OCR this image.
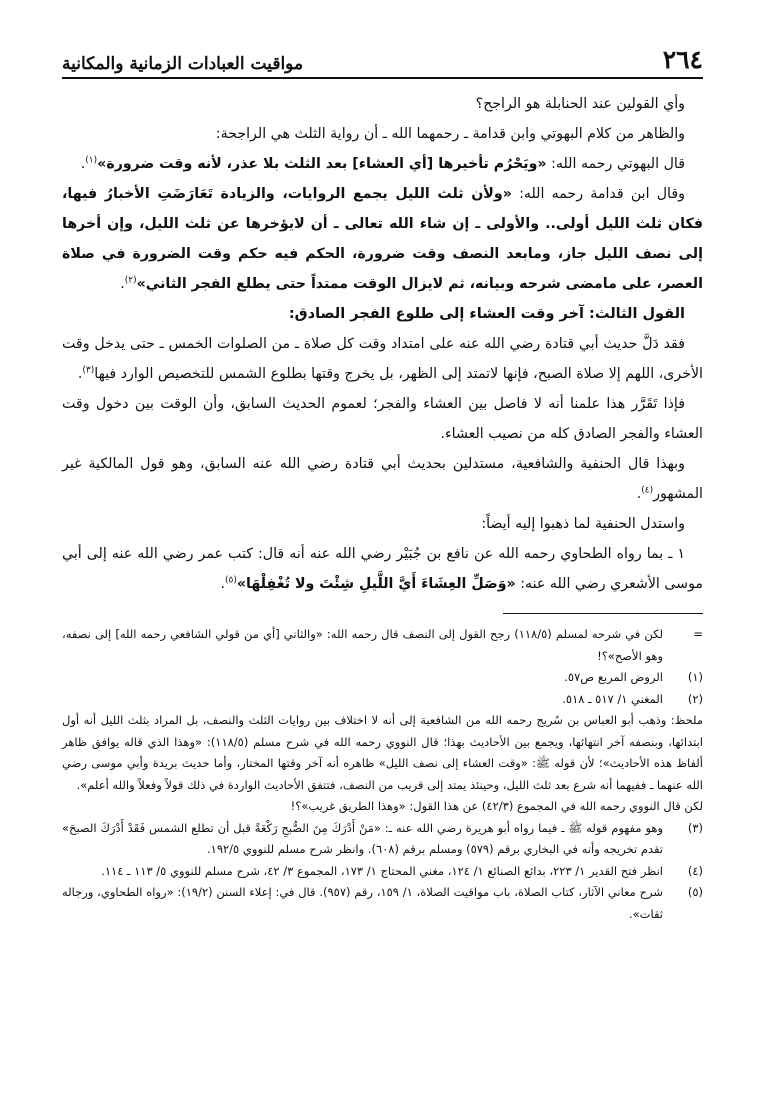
٢٦٤
مواقيت العبادات الزمانية والمكانية

وأي القولين عند الحنابلة هو الراجح؟

والظاهر من كلام البهوتي وابن قدامة ـ رحمهما الله ـ أن رواية الثلث هي الراجحة:

قال البهوتي رحمه الله: «ويَحْرُم تأخيرها [أي العشاء] بعد الثلث بلا عذر، لأنه وقت ضرورة»$^{(١)}$.

وقال ابن قدامة رحمه الله: «ولأن ثلث الليل يجمع الروايات، والزيادة تَعَارَضَتِ الأخبارُ فيها، فكان ثلث الليل أولى.. والأولى ـ إن شاء الله تعالى ـ أن لايؤخرها عن ثلث الليل، وإن أخرها إلى نصف الليل جاز، ومابعد النصف وقت ضرورة، الحكم فيه حكم وقت الضرورة في صلاة العصر، على مامضى شرحه وبيانه، ثم لايزال الوقت ممتداً حتى يطلع الفجر الثاني»$^{(٢)}$.

القول الثالث: آخر وقت العشاء إلى طلوع الفجر الصادق:

فقد دَلَّ حديث أبي قتادة رضي الله عنه على امتداد وقت كل صلاة ـ من الصلوات الخمس ـ حتى يدخل وقت الأخرى، اللهم إلا صلاة الصبح، فإنها لاتمتد إلى الظهر، بل يخرج وقتها بطلوع الشمس للتخصيص الوارد فيها$^{(٣)}$.

فإذا تَقَرَّر هذا علمنا أنه لا فاصل بين العشاء والفجر؛ لعموم الحديث السابق، وأن الوقت بين دخول وقت العشاء والفجر الصادق كله من نصيب العشاء.

وبهذا قال الحنفية والشافعية، مستدلين بحديث أبي قتادة رضي الله عنه السابق، وهو قول المالكية غير المشهور$^{(٤)}$.

واستدل الحنفية لما ذهبوا إليه أيضاً:

١ ـ بما رواه الطحاوي رحمه الله عن نافع بن جُبَيْر رضي الله عنه أنه قال: كتب عمر رضي الله عنه إلى أبي موسى الأشعري رضي الله عنه: «وَصَلِّ العِشَاءَ أَيَّ اللَّيلِ شِئْتَ ولا تُغْفِلْهَا»$^{(٥)}$.

=
لكن في شرحه لمسلم (١١٨/٥) رجح القول إلى النصف قال رحمه الله: «والثاني [أي من قولي الشافعي رحمه الله] إلى نصفه، وهو الأصح»؟!
(١)
الروض المربع ص٥٧.
(٢)
المغني ١/ ٥١٧ ـ ٥١٨.
ملحظ: وذهب أبو العباس بن سُريج رحمه الله من الشافعية إلى أنه لا اختلاف بين روايات الثلث والنصف، بل المراد بثلث الليل أنه أول ابتدائها، وبنصفه آخر انتهائها، ويجمع بين الأحاديث بهذا؛ قال النووي رحمه الله في شرح مسلم (١١٨/٥): «وهذا الذي قاله يوافق ظاهر ألفاظ هذه الأحاديث»؛ لأن قوله ﷺ: «وقت العشاء إلى نصف الليل» ظاهره أنه آخر وقتها المختار، وأما حديث بريدة وأبي موسى رضي الله عنهما ـ ففيهما أنه شرع بعد ثلث الليل، وحينئذ يمتد إلى قريب من النصف، فتتفق الأحاديث الواردة في ذلك قولاً وفعلاً والله أعلم».
لكن قال النووي رحمه الله في المجموع (٤٢/٣) عن هذا القول: «وهذا الطريق غريب»؟!
(٣)
وهو مفهوم قوله ﷺ ـ فيما رواه أبو هريرة رضي الله عنه ـ: «مَنْ أَدْرَكَ مِنَ الصُّبحِ رَكْعَةً قبل أن تطلع الشمس فَقَدْ أَدْرَكَ الصبحَ» تقدم تخريجه وأنه في البخاري برقم (٥٧٩) ومسلم برقم (٦٠٨). وانظر شرح مسلم للنووي ١٩٢/٥.
(٤)
انظر فتح القدير ١/ ٢٢٣، بدائع الصنائع ١/ ١٢٤، مغني المحتاج ١/ ١٧٣، المجموع ٣/ ٤٢، شرح مسلم للنووي ٥/ ١١٣ ـ ١١٤.
(٥)
شرح معاني الآثار، كتاب الصلاة، باب مواقيت الصلاة، ١/ ١٥٩، رقم (٩٥٧). قال في: إعلاء السنن (١٩/٢): «رواه الطحاوي، ورجاله ثقات».
